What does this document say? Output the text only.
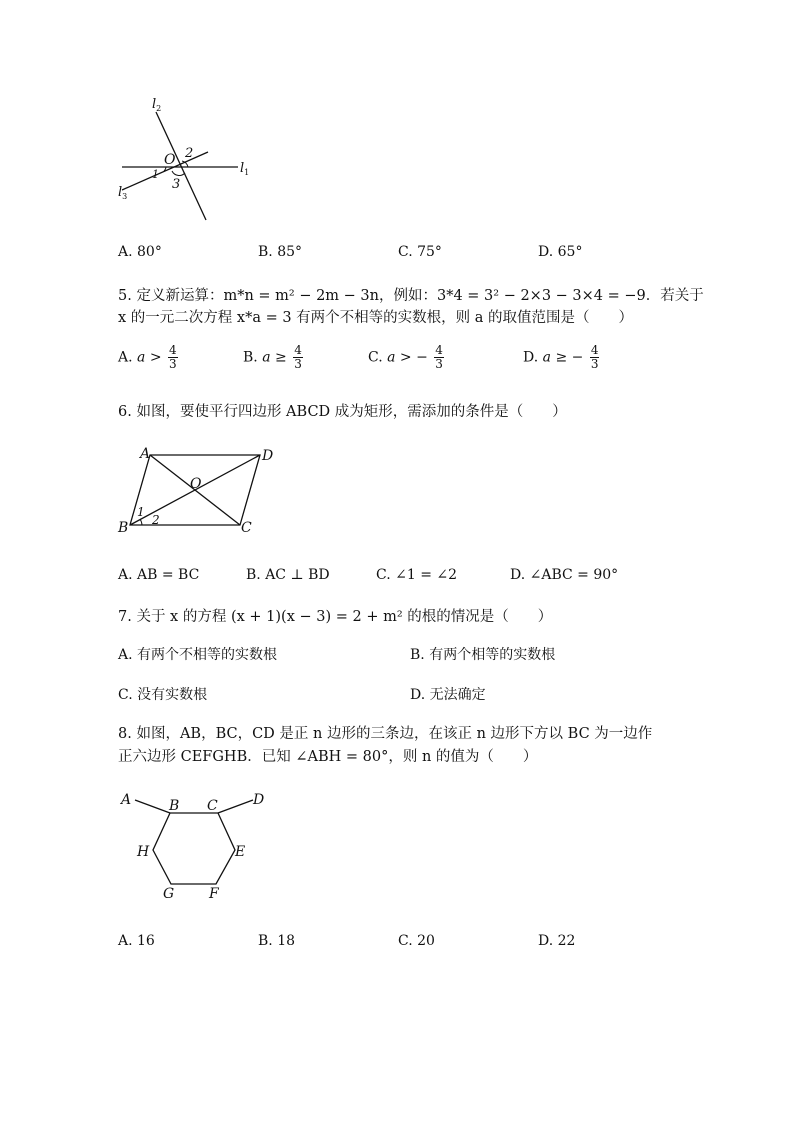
$l_2$
O 2
$l_1$
1
3
$l_3$
A. 80°	B. 85°	C. 75°	D. 65°
5. 定义新运算：m*n = m² − 2m − 3n，例如：3*4 = 3² − 2×3 − 3×4 = −9．若关于
x 的一元二次方程 x*a = 3 有两个不相等的实数根，则 a 的取值范围是（　　）
A. $a > \frac{4}{3}$	B. $a \ge \frac{4}{3}$	C. a > − $\frac{4}{3}$	D. a ≥ − $\frac{4}{3}$
6. 如图，要使平行四边形 ABCD 成为矩形，需添加的条件是（　　）
A	D
O
B	C
1
2
A. AB = BC	B. AC ⊥ BD	C. ∠1 = ∠2	D. ∠ABC = 90°
7. 关于 x 的方程 (x + 1)(x − 3) = 2 + m² 的根的情况是（　　）
A. 有两个不相等的实数根	B. 有两个相等的实数根
C. 没有实数根	D. 无法确定
8. 如图，AB，BC，CD 是正 n 边形的三条边，在该正 n 边形下方以 BC 为一边作
正六边形 CEFGHB．已知 ∠ABH = 80°，则 n 的值为（　　）
A	B C	D
H	E
G F
A. 16	B. 18	C. 20	D. 22
